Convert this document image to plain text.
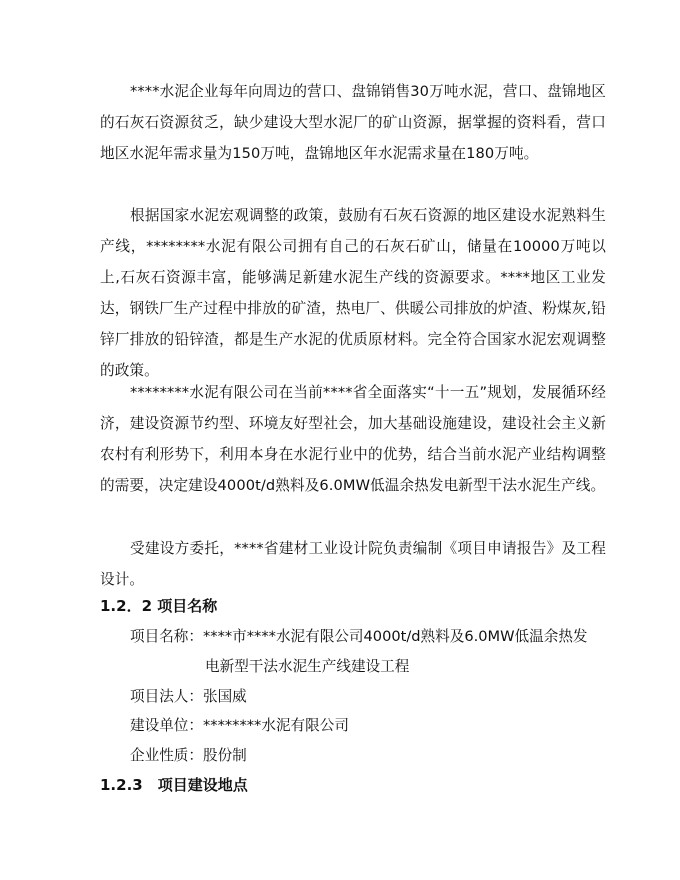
****水泥企业每年向周边的营口、盘锦销售30万吨水泥，营口、盘锦地区的石灰石资源贫乏，缺少建设大型水泥厂的矿山资源，据掌握的资料看，营口地区水泥年需求量为150万吨，盘锦地区年水泥需求量在180万吨。

根据国家水泥宏观调整的政策，鼓励有石灰石资源的地区建设水泥熟料生产线，********水泥有限公司拥有自己的石灰石矿山，储量在10000万吨以上,石灰石资源丰富，能够满足新建水泥生产线的资源要求。****地区工业发达，钢铁厂生产过程中排放的矿渣，热电厂、供暖公司排放的炉渣、粉煤灰,铅锌厂排放的铅锌渣，都是生产水泥的优质原材料。完全符合国家水泥宏观调整的政策。

********水泥有限公司在当前****省全面落实“十一五”规划，发展循环经济，建设资源节约型、环境友好型社会，加大基础设施建设，建设社会主义新农村有利形势下，利用本身在水泥行业中的优势，结合当前水泥产业结构调整的需要，决定建设4000t/d熟料及6.0MW低温余热发电新型干法水泥生产线。

受建设方委托，****省建材工业设计院负责编制《项目申请报告》及工程设计。

1.2．2 项目名称
项目名称：****市****水泥有限公司4000t/d熟料及6.0MW低温余热发
电新型干法水泥生产线建设工程
项目法人：张国威
建设单位：********水泥有限公司
企业性质：股份制
1.2.3　项目建设地点
